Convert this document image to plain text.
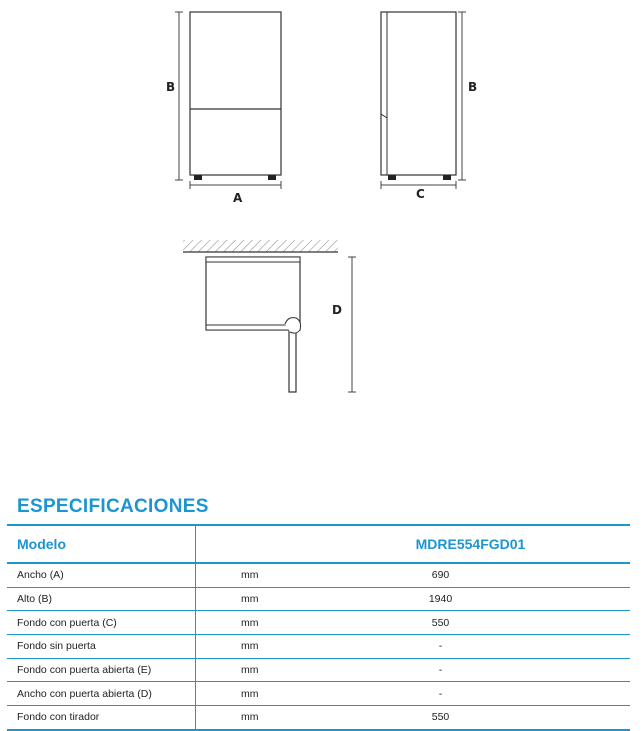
B
A
B
C
D
ESPECIFICACIONES
Modelo		MDRE554FGD01
Ancho (A)	mm	690
Alto (B)	mm	1940
Fondo con puerta (C)	mm	550
Fondo sin puerta	mm	-
Fondo con puerta abierta (E)	mm	-
Ancho con puerta abierta (D)	mm	-
Fondo con tirador	mm	550
